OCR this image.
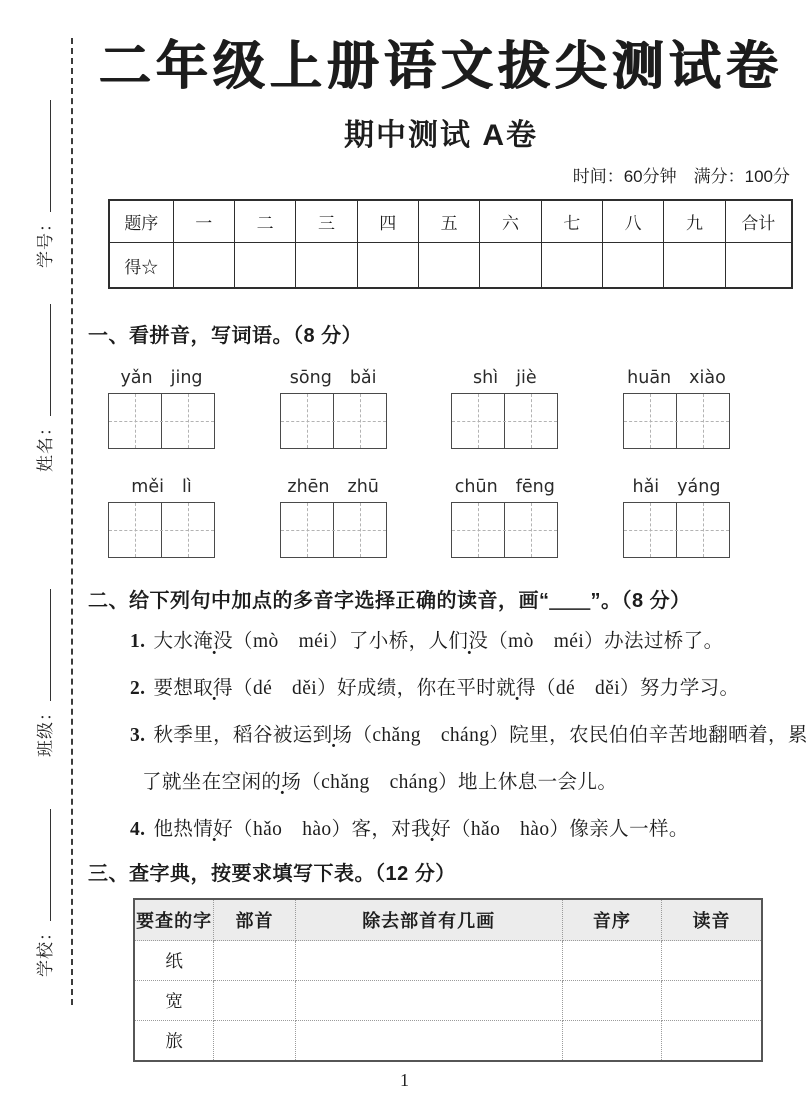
学号：
姓名：
班级：
学校：
二年级上册语文拔尖测试卷
期中测试 A卷
时间：60分钟　满分：100分
题序	一	二	三	四	五	六	七	八	九	合计
得☆										
一、看拼音，写词语。（8 分）
yǎn jing	sōng bǎi	shì jiè	huān xiào
měi lì	zhēn zhū	chūn fēng	hǎi yáng
二、给下列句中加点的多音字选择正确的读音，画“＿＿”。（8 分）
1. 大水淹没（mò　méi）了小桥，人们没（mò　méi）办法过桥了。
2. 要想取得（dé　děi）好成绩，你在平时就得（dé　děi）努力学习。
3. 秋季里，稻谷被运到场（chǎng　cháng）院里，农民伯伯辛苦地翻晒着，累了就坐在空闲的场（chǎng　cháng）地上休息一会儿。
4. 他热情好（hǎo　hào）客，对我好（hǎo　hào）像亲人一样。
三、查字典，按要求填写下表。（12 分）
要查的字	部首	除去部首有几画	音序	读音
纸				
宽				
旅				
1
